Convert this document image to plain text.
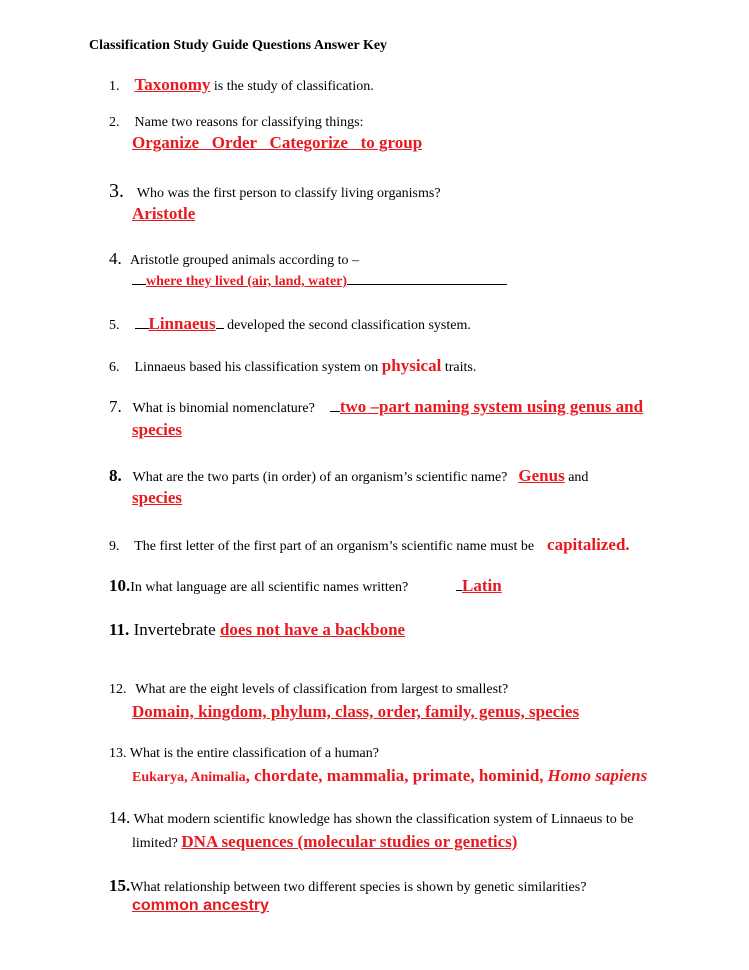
Classification Study Guide Questions Answer Key
1. Taxonomy is the study of classification.
2. Name two reasons for classifying things:
Organize   Order   Categorize   to group
3. Who was the first person to classify living organisms?
Aristotle
4. Aristotle grouped animals according to –
where they lived (air, land, water)
5. Linnaeus developed the second classification system.
6. Linnaeus based his classification system on physical traits.
7. What is binomial nomenclature? two –part naming system using genus and
species
8. What are the two parts (in order) of an organism’s scientific name? Genus and
species
9. The first letter of the first part of an organism’s scientific name must be capitalized.
10.In what language are all scientific names written?	Latin
11. Invertebrate does not have a backbone
12. What are the eight levels of classification from largest to smallest?
Domain, kingdom, phylum, class, order, family, genus, species
13. What is the entire classification of a human?
Eukarya, Animalia, chordate, mammalia, primate, hominid, Homo sapiens
14. What modern scientific knowledge has shown the classification system of Linnaeus to be
limited? DNA sequences (molecular studies or genetics)
15.What relationship between two different species is shown by genetic similarities?
common ancestry
